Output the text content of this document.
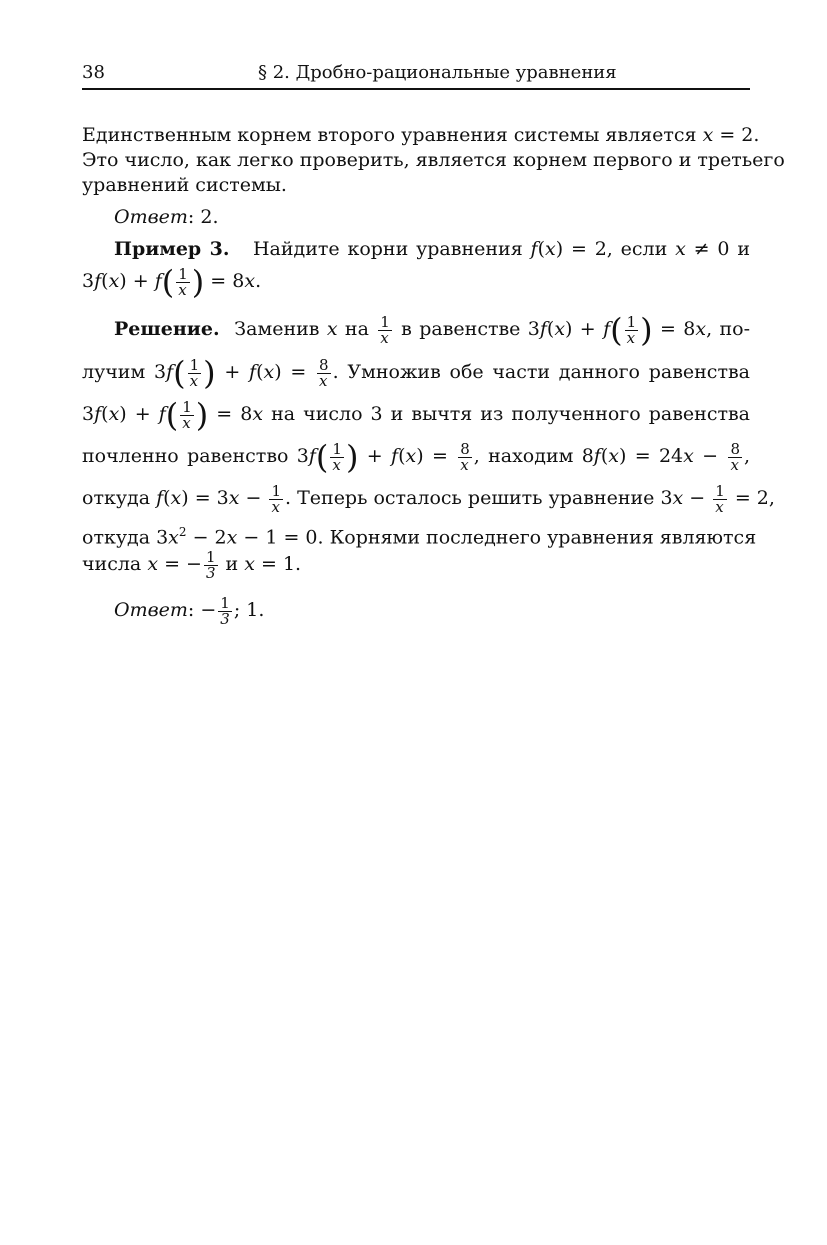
38	§ 2. Дробно-рациональные уравнения
Единственным корнем второго уравнения системы является x = 2.
Это число, как легко проверить, является корнем первого и третьего
уравнений системы.
Ответ: 2.
Пример 3.   Найдите корни уравнения f(x) = 2, если x ≠ 0 и
$3f(x) + f( \frac{1}{x}$ ) = 8x.
Решение.  Заменив x на $\frac{1}{x}$ в равенстве $3f(x) + f( \frac{1}{x}$ ) = 8x, по-
лучим $3f( \frac{1}{x}$ ) + $f(x) = \frac{8}{x}$ . Умножив обе части данного равенства
$3f(x) + f( \frac{1}{x}$ ) = 8x на число 3 и вычтя из полученного равенства
почленно равенство $3f( \frac{1}{x}$ ) + $f(x) = \frac{8}{x}$ , находим $8f(x) = 24x - \frac{8}{x}$ ,
откуда $f(x) = 3x - \frac{1}{x}$ . Теперь осталось решить уравнение $3x - \frac{1}{x} = 2$,
откуда $3x^2 - 2x - 1 = 0$. Корнями последнего уравнения являются
числа x = − $\frac{1}{3}$ и x = 1.
Ответ: − $\frac{1}{3}$ ; 1.
